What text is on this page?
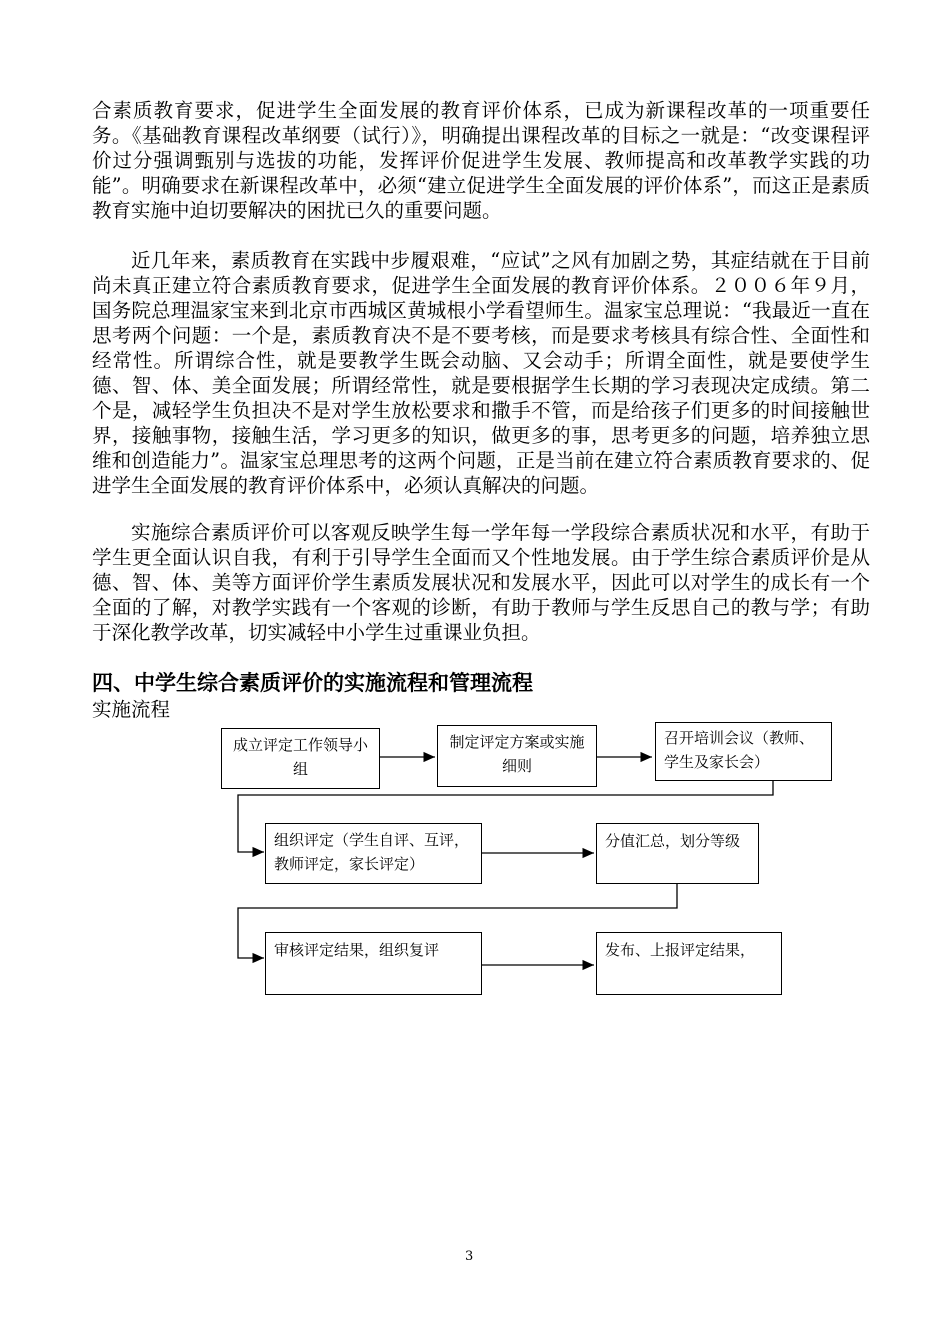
合素质教育要求，促进学生全面发展的教育评价体系，已成为新课程改革的一项重要任务。《基础教育课程改革纲要（试行）》，明确提出课程改革的目标之一就是：“改变课程评价过分强调甄别与选拔的功能，发挥评价促进学生发展、教师提高和改革教学实践的功能”。明确要求在新课程改革中，必须“建立促进学生全面发展的评价体系”，而这正是素质教育实施中迫切要解决的困扰已久的重要问题。

近几年来，素质教育在实践中步履艰难，“应试”之风有加剧之势，其症结就在于目前尚未真正建立符合素质教育要求，促进学生全面发展的教育评价体系。２００６年９月，国务院总理温家宝来到北京市西城区黄城根小学看望师生。温家宝总理说：“我最近一直在思考两个问题：一个是，素质教育决不是不要考核，而是要求考核具有综合性、全面性和经常性。所谓综合性，就是要教学生既会动脑、又会动手；所谓全面性，就是要使学生德、智、体、美全面发展；所谓经常性，就是要根据学生长期的学习表现决定成绩。第二个是，减轻学生负担决不是对学生放松要求和撒手不管，而是给孩子们更多的时间接触世界，接触事物，接触生活，学习更多的知识，做更多的事，思考更多的问题，培养独立思维和创造能力”。温家宝总理思考的这两个问题，正是当前在建立符合素质教育要求的、促进学生全面发展的教育评价体系中，必须认真解决的问题。

实施综合素质评价可以客观反映学生每一学年每一学段综合素质状况和水平，有助于学生更全面认识自我，有利于引导学生全面而又个性地发展。由于学生综合素质评价是从德、智、体、美等方面评价学生素质发展状况和发展水平，因此可以对学生的成长有一个全面的了解，对教学实践有一个客观的诊断，有助于教师与学生反思自己的教与学；有助于深化教学改革，切实减轻中小学生过重课业负担。

四、中学生综合素质评价的实施流程和管理流程
实施流程
成立评定工作领导小组
制定评定方案或实施细则
召开培训会议（教师、学生及家长会）
组织评定（学生自评、互评，教师评定，家长评定）
分值汇总，划分等级
审核评定结果，组织复评	发布、上报评定结果，
3
